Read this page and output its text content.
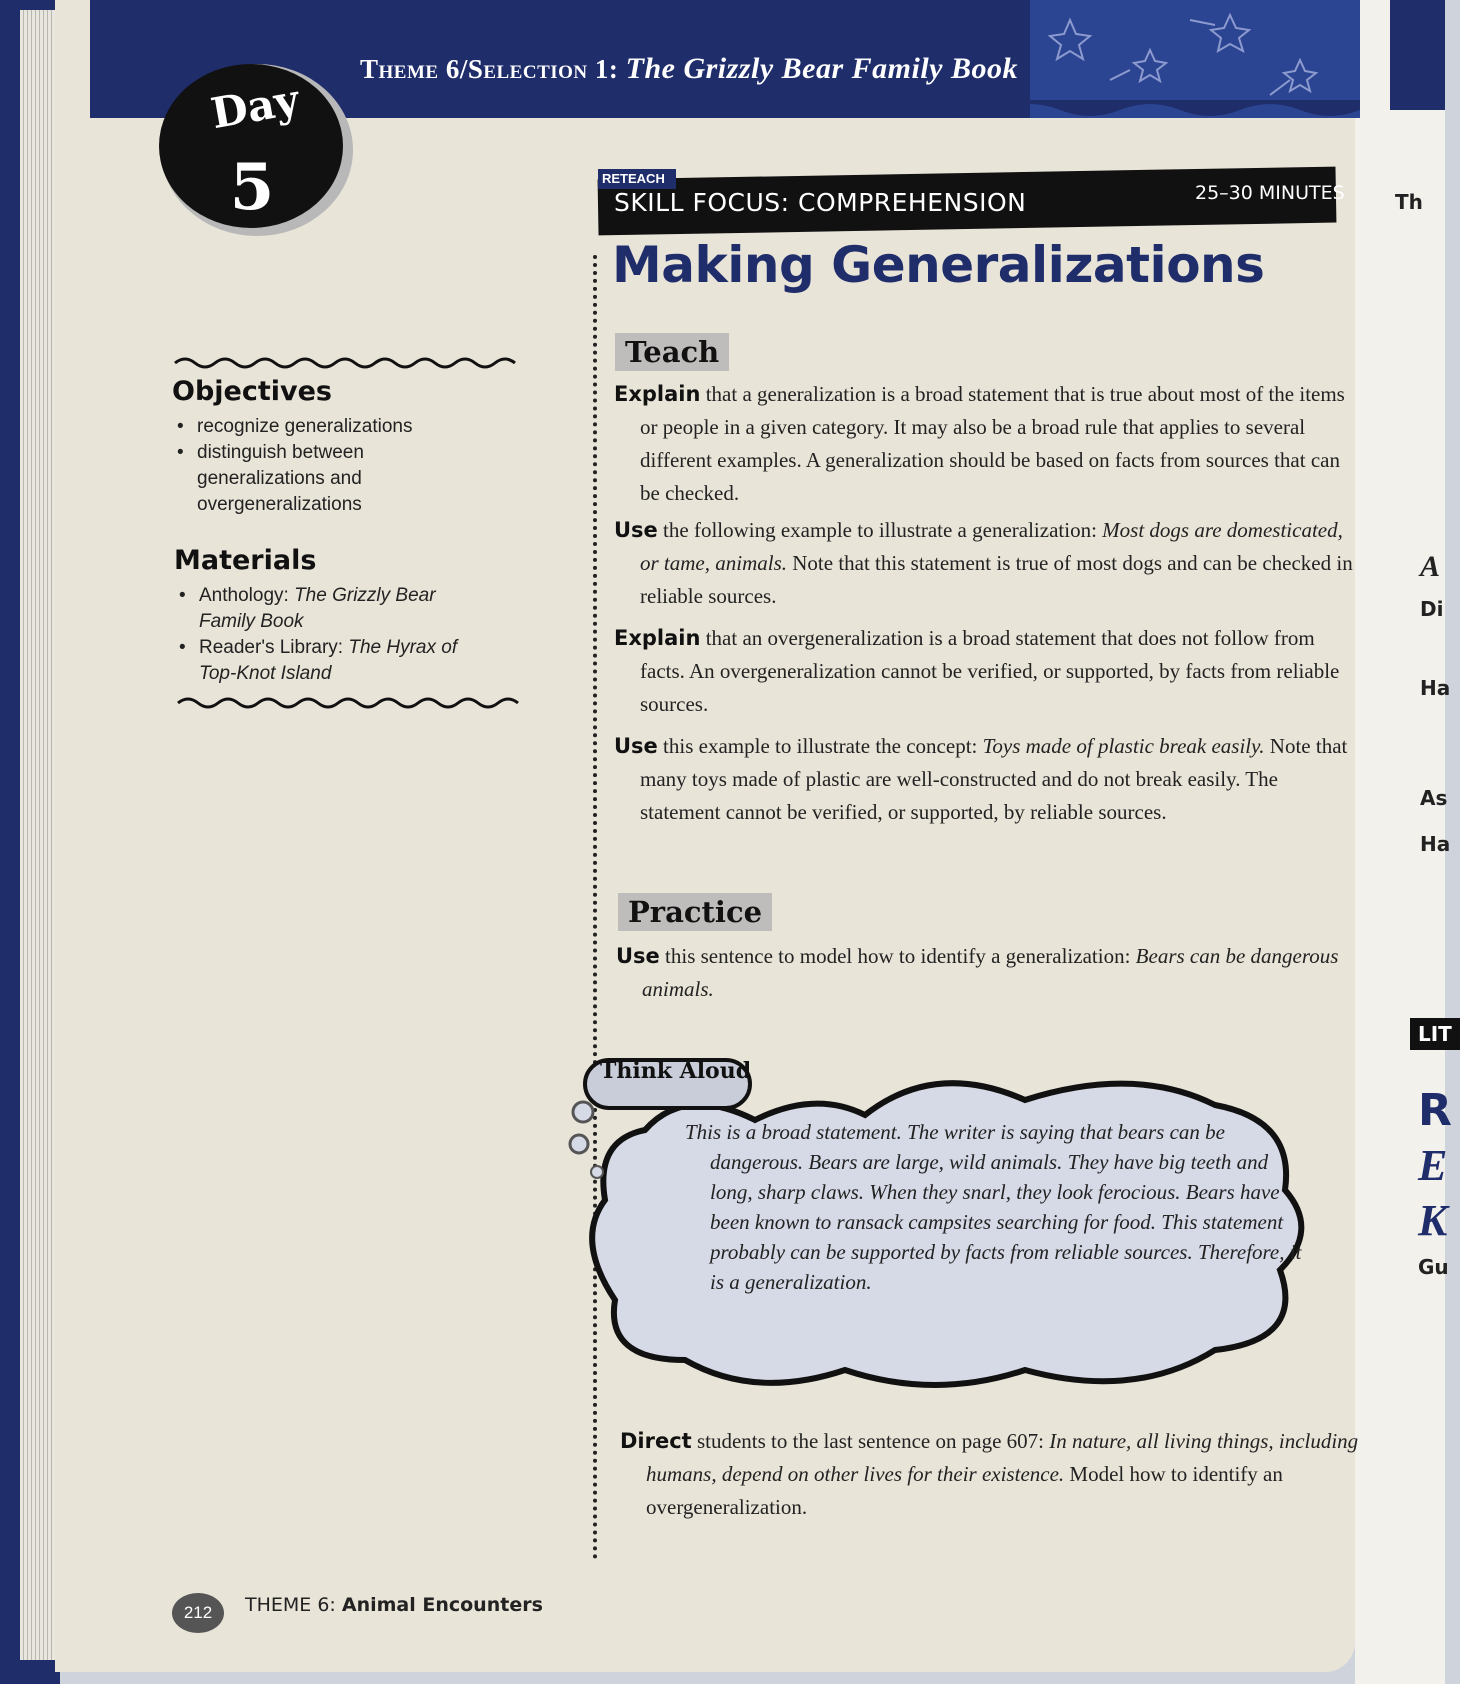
Theme 6/Selection 1: The Grizzly Bear Family Book
Day
5
Objectives
• recognize generalizations
• distinguish between generalizations and overgeneralizations
Materials
• Anthology: The Grizzly Bear Family Book
• Reader's Library: The Hyrax of Top-Knot Island
RETEACH
SKILL FOCUS: COMPREHENSION	25–30 MINUTES
Making Generalizations
Teach
Explain that a generalization is a broad statement that is true about most of the items or people in a given category. It may also be a broad rule that applies to several different examples. A generalization should be based on facts from sources that can be checked.
Use the following example to illustrate a generalization: Most dogs are domesticated, or tame, animals. Note that this statement is true of most dogs and can be checked in reliable sources.
Explain that an overgeneralization is a broad statement that does not follow from facts. An overgeneralization cannot be verified, or supported, by facts from reliable sources.
Use this example to illustrate the concept: Toys made of plastic break easily. Note that many toys made of plastic are well-constructed and do not break easily. The statement cannot be verified, or supported, by reliable sources.
Practice
Use this sentence to model how to identify a generalization: Bears can be dangerous animals.
Think Aloud
This is a broad statement. The writer is saying that bears can be dangerous. Bears are large, wild animals. They have big teeth and long, sharp claws. When they snarl, they look ferocious. Bears have been known to ransack campsites searching for food. This statement probably can be supported by facts from reliable sources. Therefore, it is a generalization.
Direct students to the last sentence on page 607: In nature, all living things, including humans, depend on other lives for their existence. Model how to identify an overgeneralization.
212	THEME 6: Animal Encounters
Th
A
Di
Ha
As
Ha
LIT
R
E
K
Gu
